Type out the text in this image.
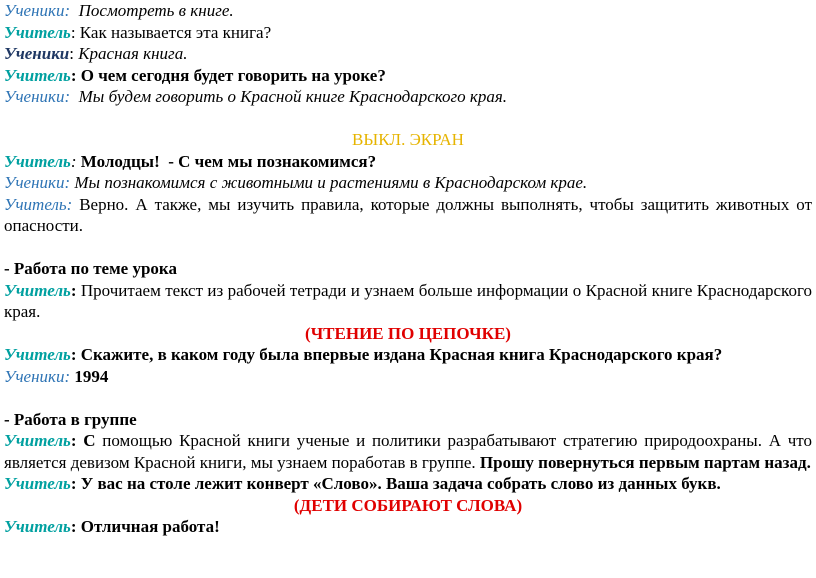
Ученики:  Посмотреть в книге.
Учитель: Как называется эта книга?
Ученики: Красная книга.
Учитель: О чем сегодня будет говорить на уроке?
Ученики:  Мы будем говорить о Красной книге Краснодарского края.
ВЫКЛ. ЭКРАН
Учитель: Молодцы!  - С чем мы познакомимся?
Ученики: Мы познакомимся с животными и растениями в Краснодарском крае.
Учитель: Верно. А также, мы изучить правила, которые должны выполнять, чтобы защитить животных от опасности.
- Работа по теме урока
Учитель: Прочитаем текст из рабочей тетради и узнаем больше информации о Красной книге Краснодарского края.
(ЧТЕНИЕ ПО ЦЕПОЧКЕ)
Учитель: Скажите, в каком году была впервые издана Красная книга Краснодарского края?
Ученики: 1994
- Работа в группе
Учитель: С помощью Красной книги ученые и политики разрабатывают стратегию природоохраны. А что является девизом Красной книги, мы узнаем поработав в группе. Прошу повернуться первым партам назад.
Учитель: У вас на столе лежит конверт «Слово». Ваша задача собрать слово из данных букв.
(ДЕТИ СОБИРАЮТ СЛОВА)
Учитель: Отличная работа!
